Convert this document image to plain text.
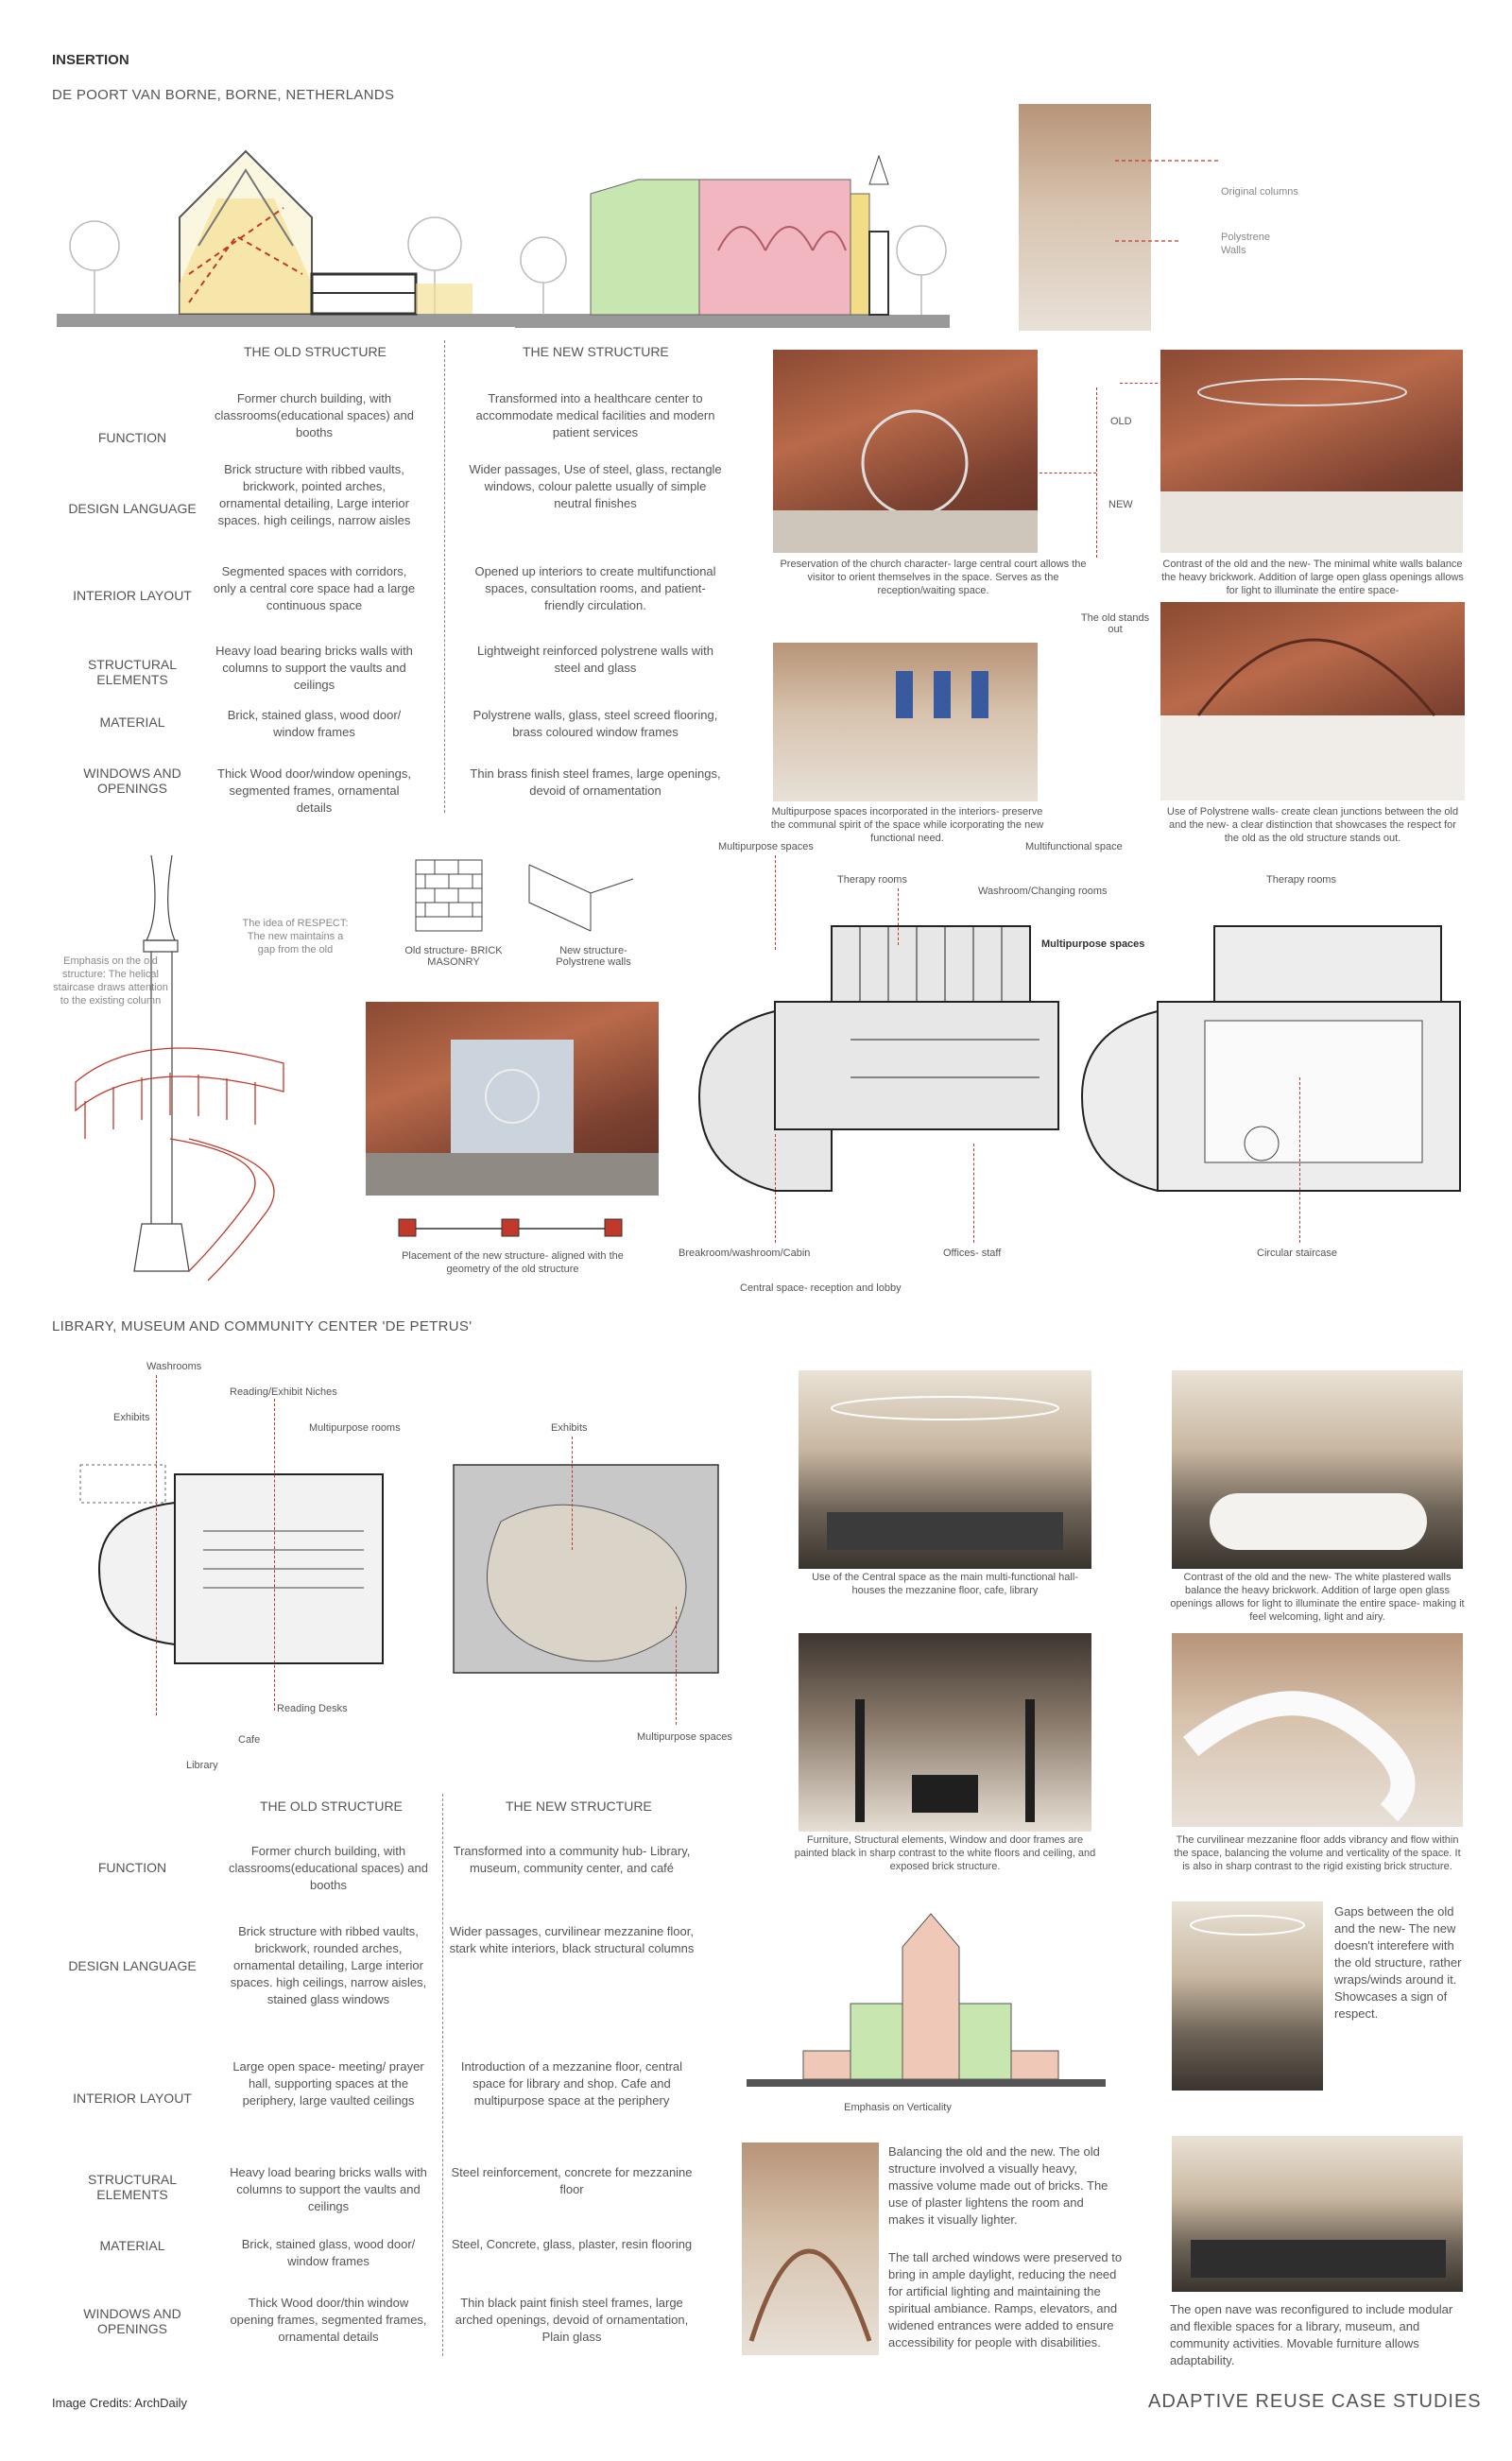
INSERTION
DE POORT VAN BORNE, BORNE, NETHERLANDS
Original columns
Polystrene Walls
THE OLD STRUCTURE	THE NEW STRUCTURE
FUNCTION
Former church building, with classrooms(educational spaces) and booths
Transformed into a healthcare center to accommodate medical facilities and modern patient services
DESIGN LANGUAGE
Brick structure with ribbed vaults, brickwork, pointed arches, ornamental detailing, Large interior spaces. high ceilings, narrow aisles
Wider passages, Use of steel, glass, rectangle windows, colour palette usually of simple neutral finishes
INTERIOR LAYOUT
Segmented spaces with corridors, only a central core space had a large continuous space
Opened up interiors to create multifunctional spaces, consultation rooms, and patient-friendly circulation.
STRUCTURAL ELEMENTS
Heavy load bearing bricks walls with columns to support the vaults and ceilings
Lightweight reinforced polystrene walls with steel and glass
MATERIAL	Brick, stained glass, wood door/ window frames
Polystrene walls, glass, steel screed flooring, brass coloured window frames
WINDOWS AND OPENINGS
Thick Wood door/window openings, segmented frames, ornamental details
Thin brass finish steel frames, large openings, devoid of ornamentation
Preservation of the church character- large central court allows the visitor to orient themselves in the space. Serves as the reception/waiting space.
Contrast of the old and the new- The minimal white walls balance the heavy brickwork. Addition of large open glass openings allows for light to illuminate the entire space-
OLD
NEW
The old stands out
Multipurpose spaces incorporated in the interiors- preserve the communal spirit of the space while icorporating the new functional need.
Use of Polystrene walls- create clean junctions between the old and the new- a clear distinction that showcases the respect for the old as the old structure stands out.
The idea of RESPECT: The new maintains a gap from the old
Emphasis on the old structure: The helical staircase draws attention to the existing column
Old structure- BRICK MASONRY
New structure- Polystrene walls
Placement of the new structure- aligned with the geometry of the old structure
Multipurpose spaces
Therapy rooms
Washroom/Changing rooms
Multipurpose spaces
Multifunctional space
Therapy rooms
Breakroom/washroom/Cabin	Offices- staff
Central space- reception and lobby
Circular staircase
LIBRARY, MUSEUM AND COMMUNITY CENTER 'DE PETRUS'
Washrooms
Reading/Exhibit Niches
Exhibits
Multipurpose rooms
Reading Desks
Cafe
Library
Exhibits
Multipurpose spaces
THE OLD STRUCTURE	THE NEW STRUCTURE
FUNCTION
Former church building, with classrooms(educational spaces) and booths
Transformed into a community hub- Library, museum, community center, and café
DESIGN LANGUAGE
Brick structure with ribbed vaults, brickwork, rounded arches, ornamental detailing, Large interior spaces. high ceilings, narrow aisles, stained glass windows
Wider passages, curvilinear mezzanine floor, stark white interiors, black structural columns
INTERIOR LAYOUT
Large open space- meeting/ prayer hall, supporting spaces at the periphery, large vaulted ceilings
Introduction of a mezzanine floor, central space for library and shop. Cafe and multipurpose space at the periphery
STRUCTURAL ELEMENTS
Heavy load bearing bricks walls with columns to support the vaults and ceilings
Steel reinforcement, concrete for mezzanine floor
MATERIAL	Brick, stained glass, wood door/ window frames
Steel, Concrete, glass, plaster, resin flooring
WINDOWS AND OPENINGS
Thick Wood door/thin window opening frames, segmented frames, ornamental details
Thin black paint finish steel frames, large arched openings, devoid of ornamentation, Plain glass
Use of the Central space as the main multi-functional hall- houses the mezzanine floor, cafe, library
Contrast of the old and the new- The white plastered walls balance the heavy brickwork. Addition of large open glass openings allows for light to illuminate the entire space- making it feel welcoming, light and airy.
Furniture, Structural elements, Window and door frames are painted black in sharp contrast to the white floors and ceiling, and exposed brick structure.
The curvilinear mezzanine floor adds vibrancy and flow within the space, balancing the volume and verticality of the space. It is also in sharp contrast to the rigid existing brick structure.
Emphasis on Verticality
Gaps between the old and the new- The new doesn't interefere with the old structure, rather wraps/winds around it. Showcases a sign of respect.
Balancing the old and the new. The old structure involved a visually heavy, massive volume made out of bricks. The use of plaster lightens the room and makes it visually lighter.
The tall arched windows were preserved to bring in ample daylight, reducing the need for artificial lighting and maintaining the spiritual ambiance. Ramps, elevators, and widened entrances were added to ensure accessibility for people with disabilities.
The open nave was reconfigured to include modular and flexible spaces for a library, museum, and community activities. Movable furniture allows adaptability.
Image Credits: ArchDaily	ADAPTIVE REUSE CASE STUDIES
